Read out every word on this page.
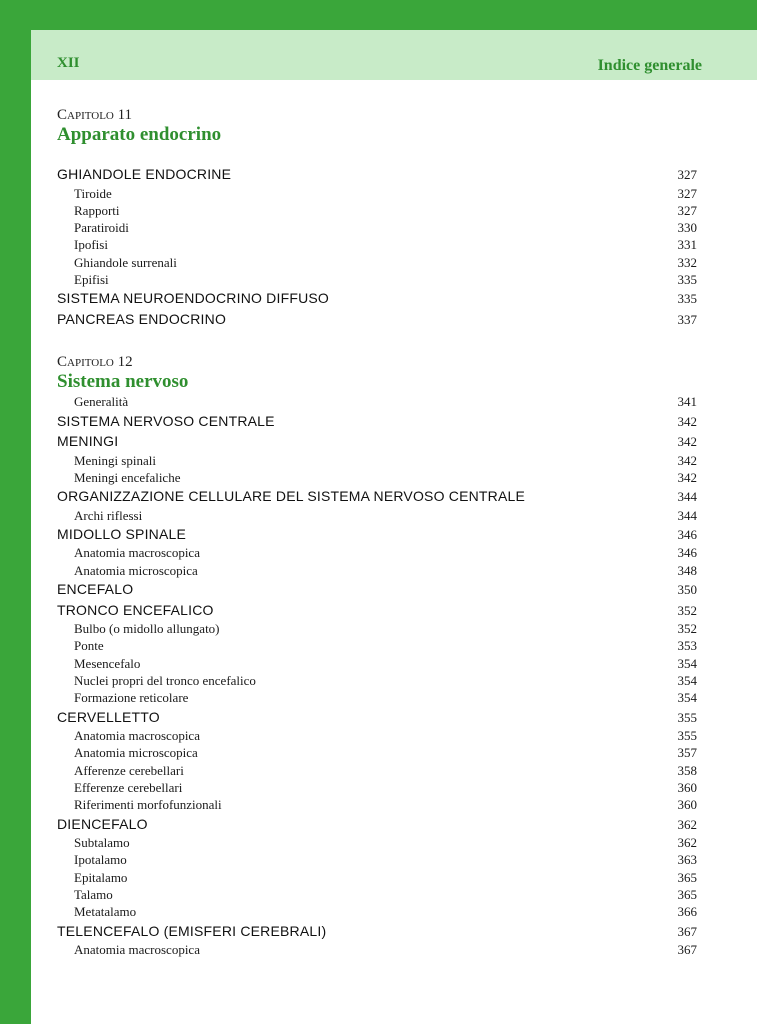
XII	Indice generale
Capitolo 11
Apparato endocrino
GHIANDOLE ENDOCRINE	327
Tiroide	327
Rapporti	327
Paratiroidi	330
Ipofisi	331
Ghiandole surrenali	332
Epifisi	335
SISTEMA NEUROENDOCRINO DIFFUSO	335
PANCREAS ENDOCRINO	337
Capitolo 12
Sistema nervoso
Generalità	341
SISTEMA NERVOSO CENTRALE	342
MENINGI	342
Meningi spinali	342
Meningi encefaliche	342
ORGANIZZAZIONE CELLULARE DEL SISTEMA NERVOSO CENTRALE	344
Archi riflessi	344
MIDOLLO SPINALE	346
Anatomia macroscopica	346
Anatomia microscopica	348
ENCEFALO	350
TRONCO ENCEFALICO	352
Bulbo (o midollo allungato)	352
Ponte	353
Mesencefalo	354
Nuclei propri del tronco encefalico	354
Formazione reticolare	354
CERVELLETTO	355
Anatomia macroscopica	355
Anatomia microscopica	357
Afferenze cerebellari	358
Efferenze cerebellari	360
Riferimenti morfofunzionali	360
DIENCEFALO	362
Subtalamo	362
Ipotalamo	363
Epitalamo	365
Talamo	365
Metatalamo	366
TELENCEFALO (EMISFERI CEREBRALI)	367
Anatomia macroscopica	367
